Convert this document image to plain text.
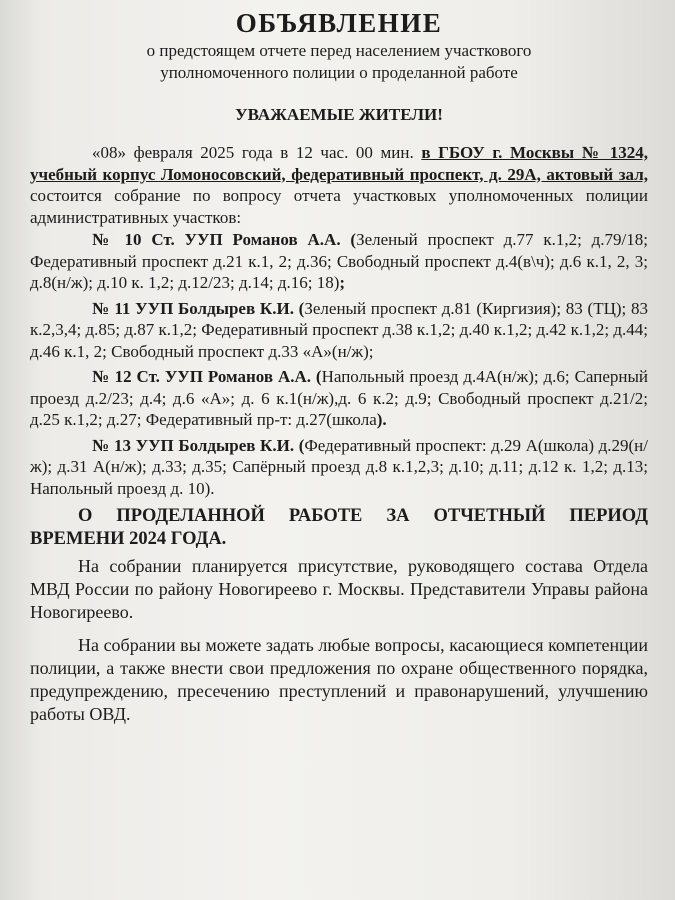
ОБЪЯВЛЕНИЕ
о предстоящем отчете перед населением участкового
уполномоченного полиции о проделанной работе
УВАЖАЕМЫЕ ЖИТЕЛИ!

«08» февраля 2025 года в 12 час. 00 мин. в ГБОУ г. Москвы № 1324, учебный корпус Ломоносовский, федеративный проспект, д. 29А, актовый зал, состоится собрание по вопросу отчета участковых уполномоченных полиции административных участков:

№ 10 Ст. УУП Романов А.А. (Зеленый проспект д.77 к.1,2; д.79/18; Федеративный проспект д.21 к.1, 2; д.36; Свободный проспект д.4(в\ч); д.6 к.1, 2, 3; д.8(н/ж); д.10 к. 1,2; д.12/23; д.14; д.16; 18);

№ 11 УУП Болдырев К.И. (Зеленый проспект д.81 (Киргизия); 83 (ТЦ); 83 к.2,3,4; д.85; д.87 к.1,2; Федеративный проспект д.38 к.1,2; д.40 к.1,2; д.42 к.1,2; д.44; д.46 к.1, 2; Свободный проспект д.33 «А»(н/ж);

№ 12 Ст. УУП Романов А.А. (Напольный проезд д.4А(н/ж); д.6; Саперный проезд д.2/23; д.4; д.6 «А»; д. 6 к.1(н/ж),д. 6 к.2; д.9; Свободный проспект д.21/2; д.25 к.1,2; д.27; Федеративный пр-т: д.27(школа).

№ 13 УУП Болдырев К.И. (Федеративный проспект: д.29 А(школа) д.29(н/ж); д.31 А(н/ж); д.33; д.35; Сапёрный проезд д.8 к.1,2,3; д.10; д.11; д.12 к. 1,2; д.13; Напольный проезд д. 10).

О ПРОДЕЛАННОЙ РАБОТЕ ЗА ОТЧЕТНЫЙ ПЕРИОД ВРЕМЕНИ 2024 ГОДА.

На собрании планируется присутствие, руководящего состава Отдела МВД России по району Новогиреево г. Москвы. Представители Управы района Новогиреево.

На собрании вы можете задать любые вопросы, касающиеся компетенции полиции, а также внести свои предложения по охране общественного порядка, предупреждению, пресечению преступлений и правонарушений, улучшению работы ОВД.
